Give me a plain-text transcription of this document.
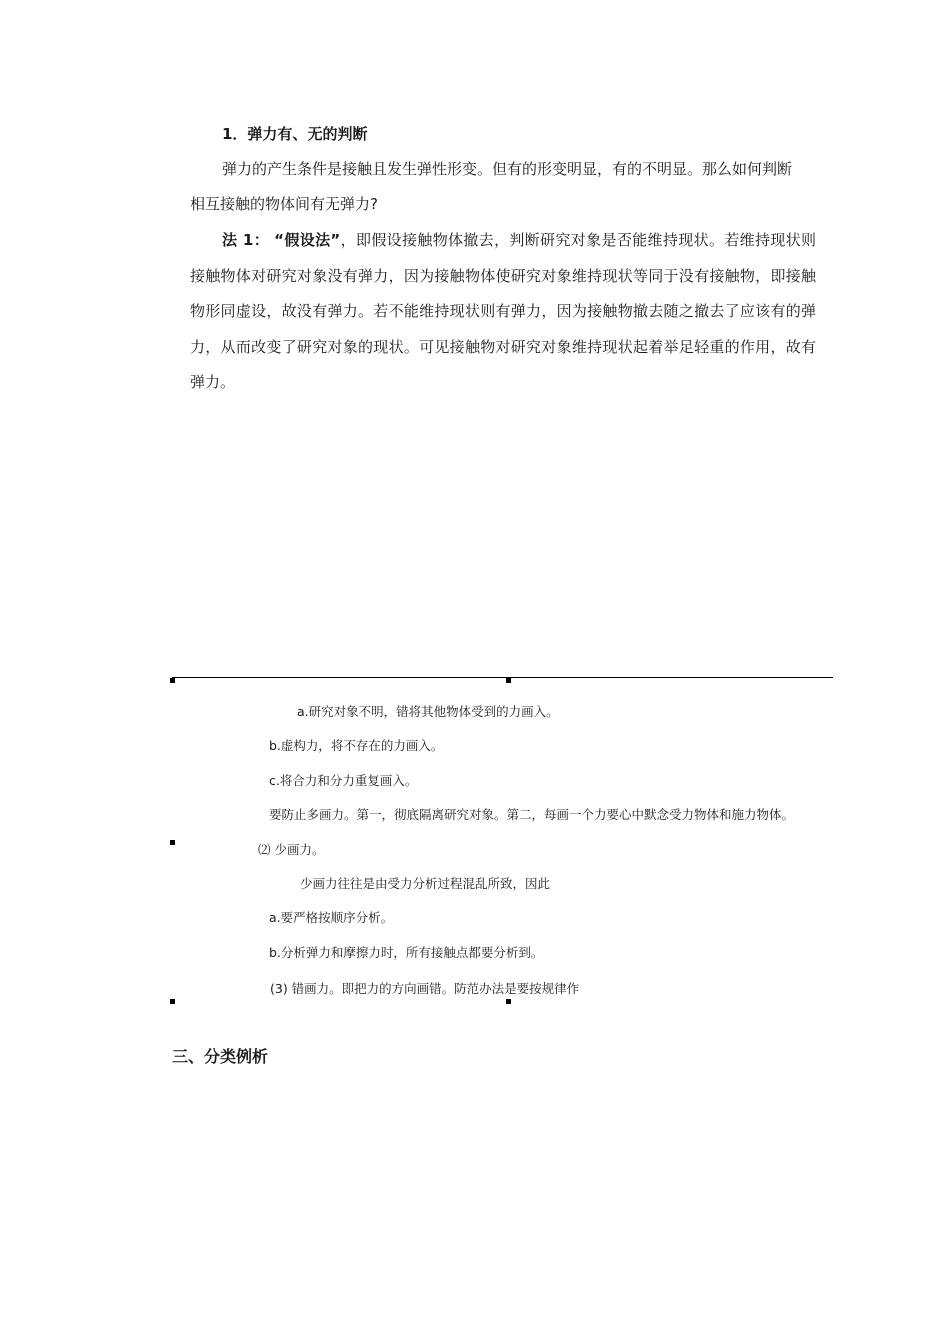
1．弹力有、无的判断
弹力的产生条件是接触且发生弹性形变。但有的形变明显，有的不明显。那么如何判断
相互接触的物体间有无弹力?

法 1： “假设法”，即假设接触物体撤去，判断研究对象是否能维持现状。若维持现状则接触物体对研究对象没有弹力，因为接触物体使研究对象维持现状等同于没有接触物，即接触物形同虚设，故没有弹力。若不能维持现状则有弹力，因为接触物撤去随之撤去了应该有的弹力，从而改变了研究对象的现状。可见接触物对研究对象维持现状起着举足轻重的作用，故有弹力。

a.研究对象不明，错将其他物体受到的力画入。
b.虚构力，将不存在的力画入。
c.将合力和分力重复画入。
要防止多画力。第一，彻底隔离研究对象。第二，每画一个力要心中默念受力物体和施力物体。
⑵ 少画力。
少画力往往是由受力分析过程混乱所致，因此
a.要严格按顺序分析。
b.分析弹力和摩擦力时，所有接触点都要分析到。
(3) 错画力。即把力的方向画错。防范办法是要按规律作
三、分类例析
